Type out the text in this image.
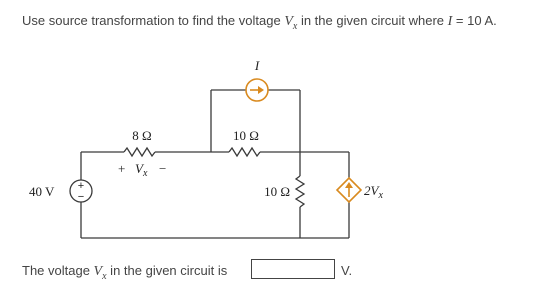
Use source transformation to find the voltage $V_x$ in the given circuit where I = 10 A.
+
−
I
8 Ω	10 Ω
10 Ω
40 V
+ $V_x$ −
$2V_x$
The voltage $V_x$ in the given circuit is	V.
